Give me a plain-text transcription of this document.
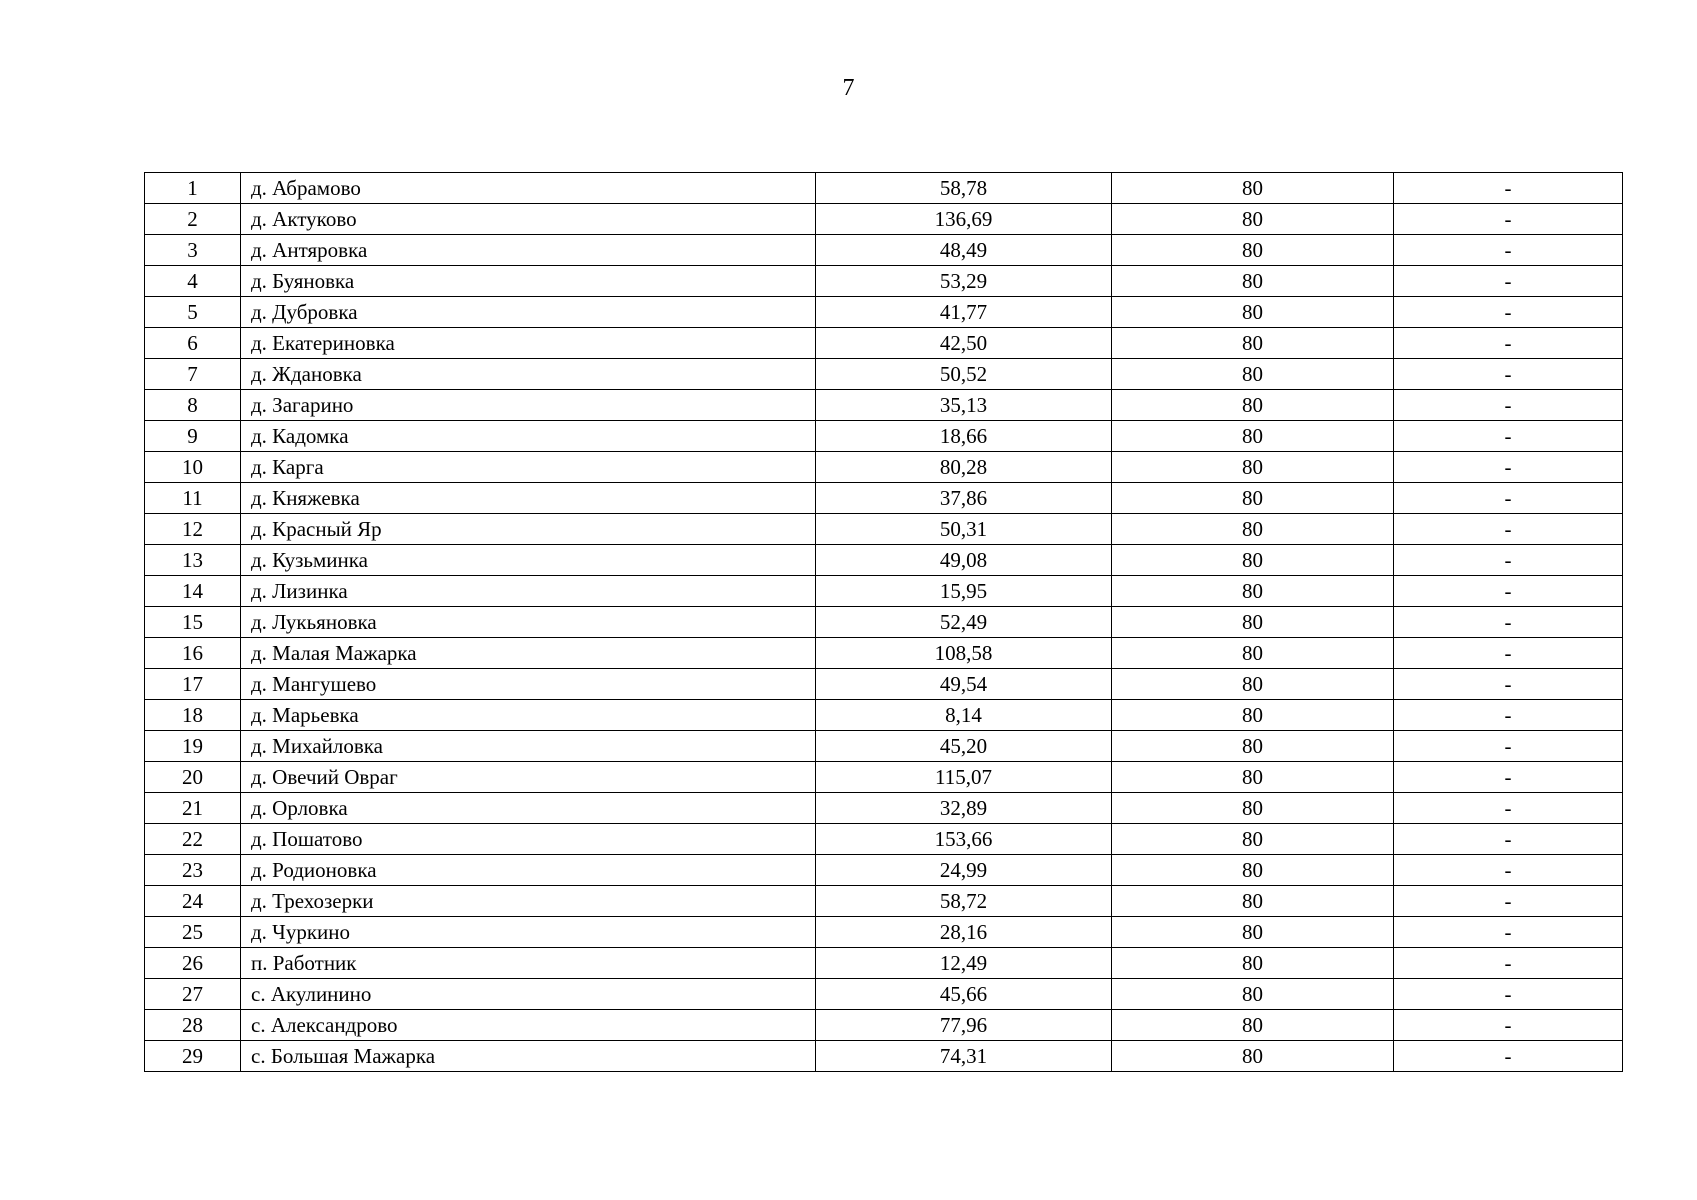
7
1	д. Абрамово	58,78	80	-
2	д. Актуково	136,69	80	-
3	д. Антяровка	48,49	80	-
4	д. Буяновка	53,29	80	-
5	д. Дубровка	41,77	80	-
6	д. Екатериновка	42,50	80	-
7	д. Ждановка	50,52	80	-
8	д. Загарино	35,13	80	-
9	д. Кадомка	18,66	80	-
10	д. Карга	80,28	80	-
11	д. Княжевка	37,86	80	-
12	д. Красный Яр	50,31	80	-
13	д. Кузьминка	49,08	80	-
14	д. Лизинка	15,95	80	-
15	д. Лукьяновка	52,49	80	-
16	д. Малая Мажарка	108,58	80	-
17	д. Мангушево	49,54	80	-
18	д. Марьевка	8,14	80	-
19	д. Михайловка	45,20	80	-
20	д. Овечий Овраг	115,07	80	-
21	д. Орловка	32,89	80	-
22	д. Пошатово	153,66	80	-
23	д. Родионовка	24,99	80	-
24	д. Трехозерки	58,72	80	-
25	д. Чуркино	28,16	80	-
26	п. Работник	12,49	80	-
27	с. Акулинино	45,66	80	-
28	с. Александрово	77,96	80	-
29	с. Большая Мажарка	74,31	80	-
